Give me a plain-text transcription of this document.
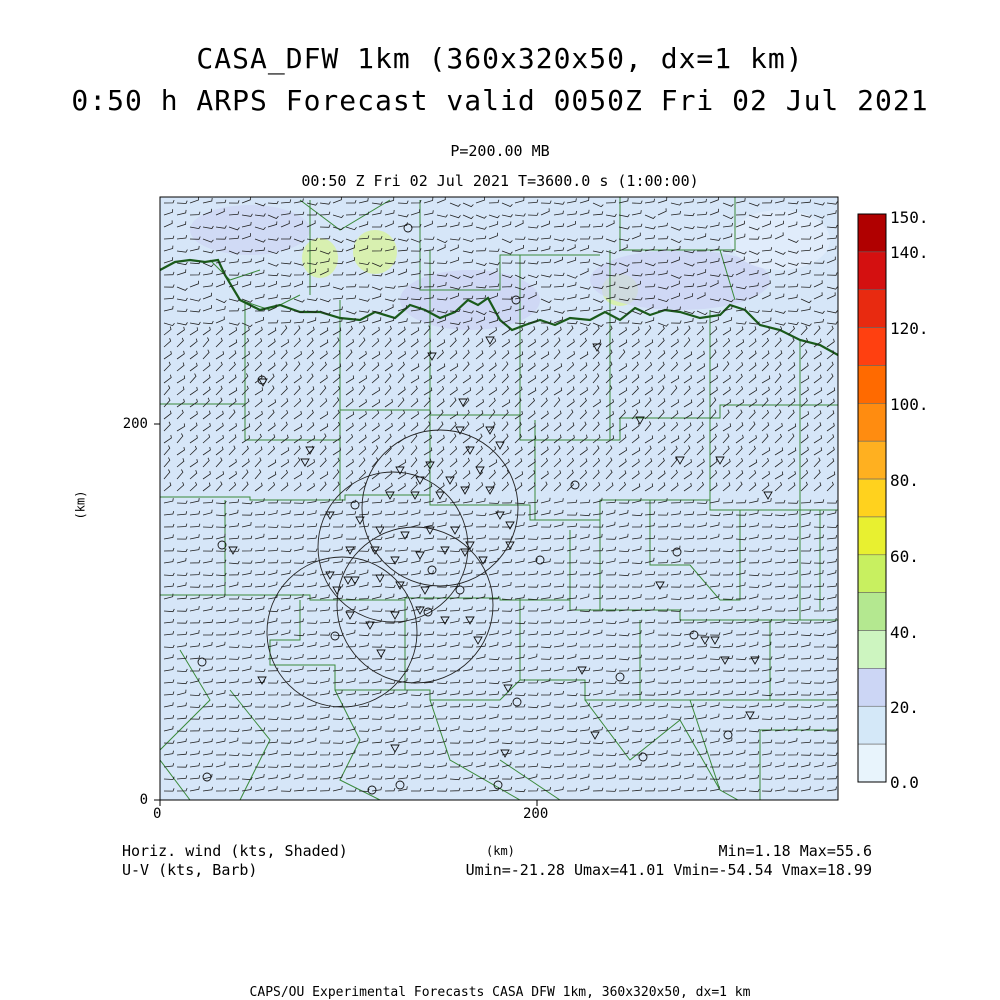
150.
140.
120.
100.
80.
60.
40.
20.
0.0
CASA_DFW 1km (360x320x50, dx=1 km)
0:50 h ARPS Forecast valid 0050Z Fri 02 Jul 2021
P=200.00 MB
00:50 Z Fri 02 Jul 2021 T=3600.0 s (1:00:00)
0	200
0
200
(km)
(km)
Horiz. wind (kts, Shaded)
U-V (kts, Barb)
Min=1.18 Max=55.6
Umin=-21.28 Umax=41.01 Vmin=-54.54 Vmax=18.99
CAPS/OU Experimental Forecasts CASA DFW 1km, 360x320x50, dx=1 km
